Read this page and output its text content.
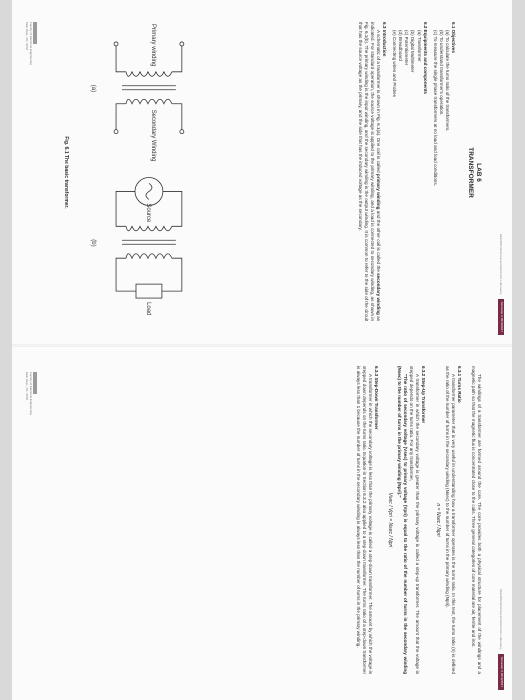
EEE3002 Electrical and Electronic Laboratory
Semester 2 2016/2017
LAB 6
TRANSFORMER
6.1 Objectives
(a) To calculate the turns ratio of the transformers.
(b) To understand transformer's operation.
(c) To measure the single phase transformers at no load and load conditions.
6.2 Equipments and components
(a) Transformer
(b) Digital Multimeter
(c) Potentiometer
(d) Breadboard
(e) Connecting wires and Probes
6.3 Introduction
A schematic of a transformer is shown in Fig. 6.1(a). One coil is called primary winding and the other coil is called the secondary winding as indicated. For standard operation, the source voltage is applied to the primary winding, and a load is connected to secondary winding, as shown in Fig. 6.1(b). The primary winding is the input winding, and the secondary winding is the output winding. It is common to refer to the side of the circuit that has the source voltage as the primary, and the side that has the induced voltage as the secondary.
Primary winding
Secondary Winding
Source
Load
(a)
(b)
Fig. 6.1 The basic transformer.
Faculty of Electrical Engineering
EEE Dept., FK, UPM
EEE3002 Electrical and Electronic Laboratory
Semester 2 2016/2017
The windings of a transformer are formed around the core. The core provides both a physical structure for placement of the windings and a magnetic path so that the magnetic flux is concentrated close to the coils. Three general categories of core material are air, ferrite and iron.
6.3.1 Turns Ratio
A transformer parameter that is very useful in understanding how a transformer operates is the turns ratio. In this text, the turns ratio (n) is defined as the ratio of the number of turns in the secondary winding (Nsec) to the number of turns in the primary winding (Npri).
n = Nsec / Npri
6.3.2 Step-Up Transformer
A transformer in which the secondary voltage is greater than the primary voltage is called a step-up transformer. The amount that the voltage is stepped depends on the turns ratio. For any transformer,
"The ratio of secondary voltage (Vsec) to primary voltage (Vpri) is equal to the ratio of the number of turns in the secondary winding (Nsec) to the number of turns in the primary winding (Npri)."
Vsec / Vpri = Nsec / Npri
6.3.3 Step-Down Transformer
A transformer in which the secondary voltage is less than the primary voltage is called a step-down transformer. The amount by which the voltage is stepped down depends on the turns ratio. Equation in Section 6.3.2 also applied to a step-down transformer. The turns ratio of a step-down transformer is always less than 1 because the number of turns in the secondary winding is always less than the number of turns in the primary winding.
Faculty of Electrical Engineering
EEE Dept., FK, UPM
